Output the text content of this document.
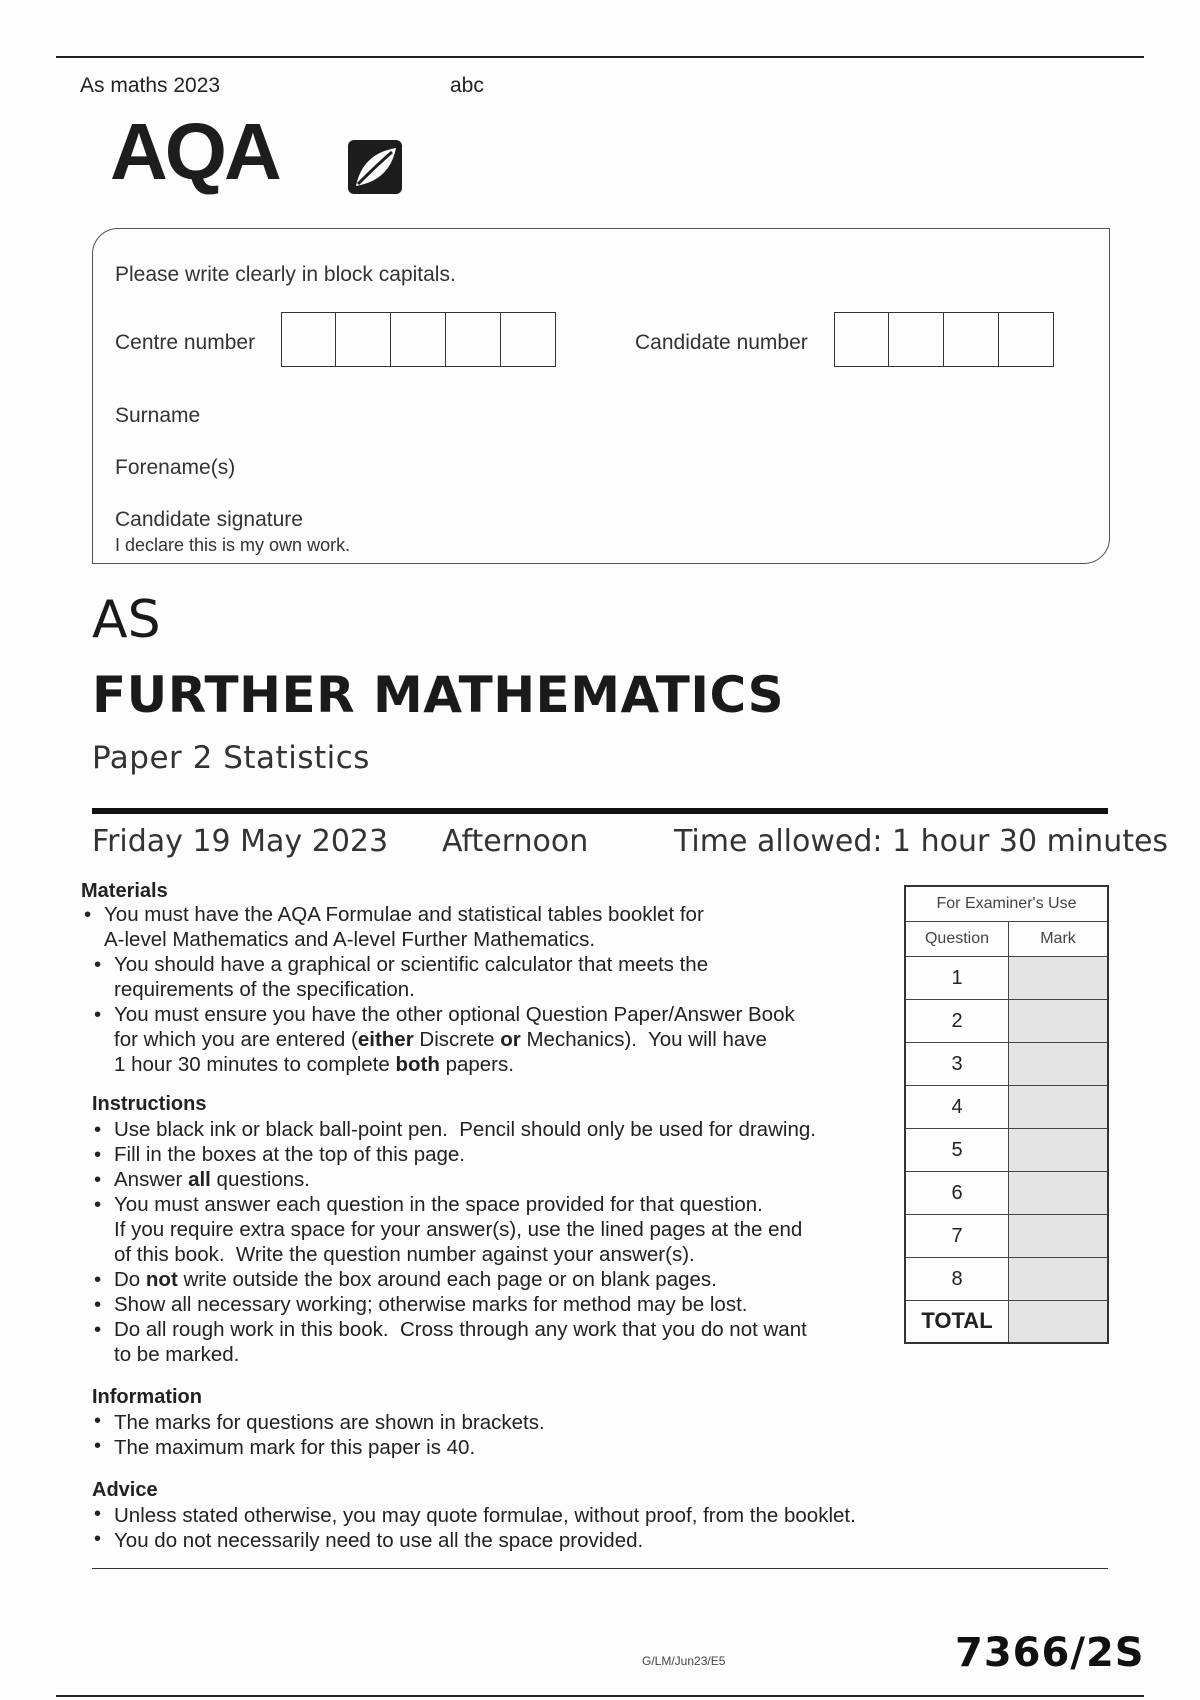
As maths 2023	abc
AQA
Please write clearly in block capitals.
Centre number	Candidate number
Surname
Forename(s)
Candidate signature
I declare this is my own work.
AS
FURTHER MATHEMATICS
Paper 2 Statistics
Friday 19 May 2023 Afternoon	Time allowed: 1 hour 30 minutes
Materials
• You must have the AQA Formulae and statistical tables booklet for
A-level Mathematics and A-level Further Mathematics.
• You should have a graphical or scientific calculator that meets the
requirements of the specification.
• You must ensure you have the other optional Question Paper/Answer Book
for which you are entered (either Discrete or Mechanics).  You will have
1 hour 30 minutes to complete both papers.
Instructions
• Use black ink or black ball-point pen.  Pencil should only be used for drawing.
• Fill in the boxes at the top of this page.
• Answer all questions.
• You must answer each question in the space provided for that question.
If you require extra space for your answer(s), use the lined pages at the end
of this book.  Write the question number against your answer(s).
• Do not write outside the box around each page or on blank pages.
• Show all necessary working; otherwise marks for method may be lost.
• Do all rough work in this book.  Cross through any work that you do not want
to be marked.
Information
The marks for questions are shown in brackets.
The maximum mark for this paper is 40.
•
•
Advice
Unless stated otherwise, you may quote formulae, without proof, from the booklet.
You do not necessarily need to use all the space provided.
•
•
For Examiner's Use	
Question	Mark
1	
2	
3	
4	
5	
6	
7	
8	
TOTAL	
G/LM/Jun23/E5	7366/2S
